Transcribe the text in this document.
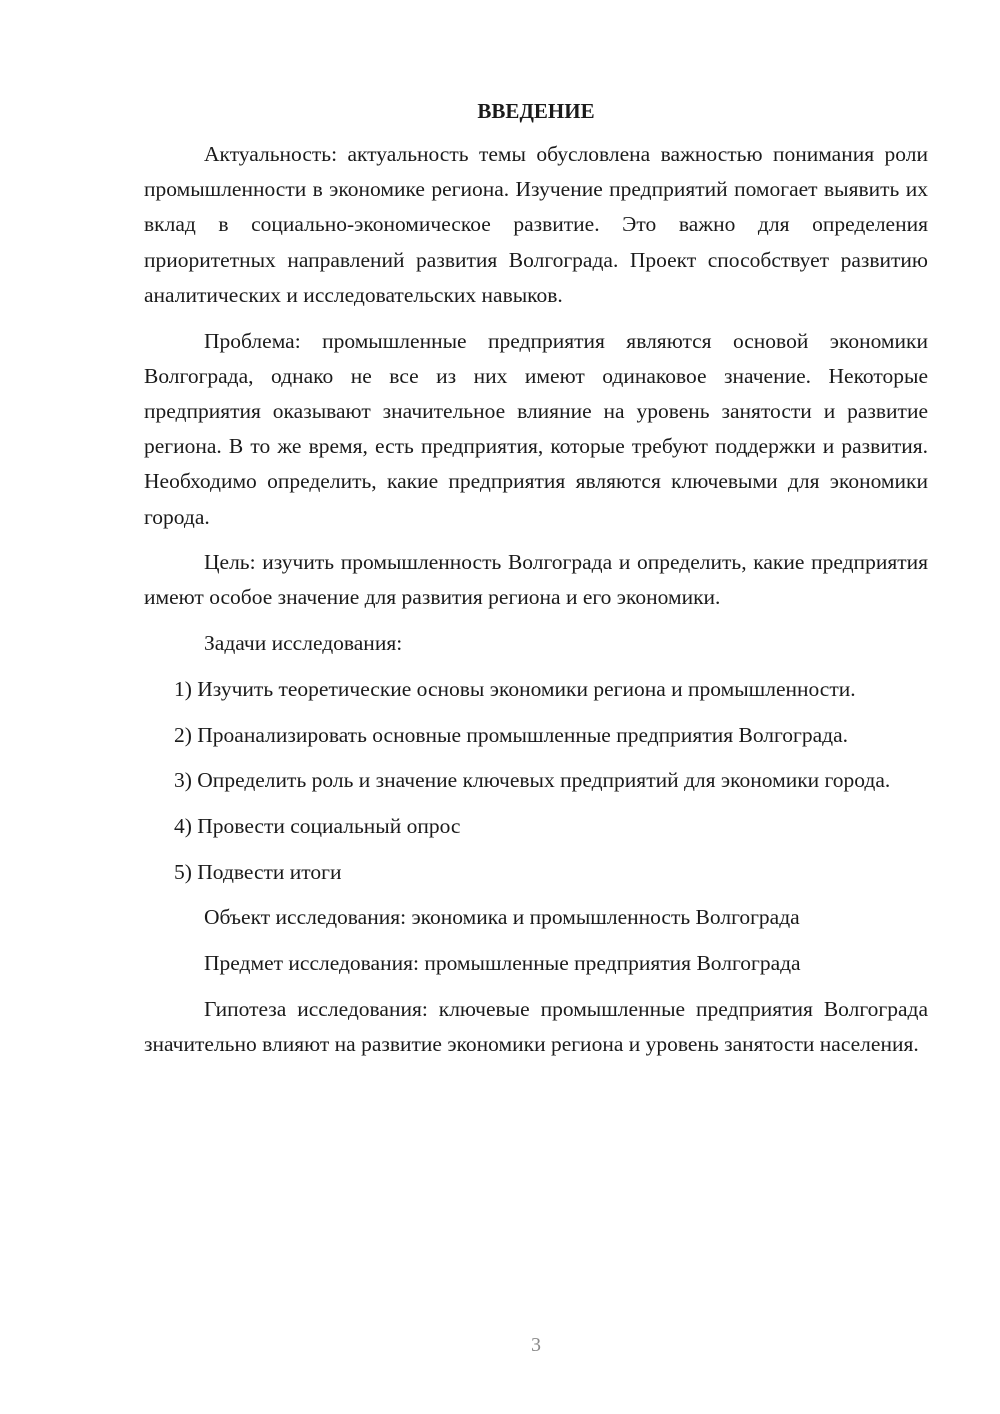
ВВЕДЕНИЕ

Актуальность: актуальность темы обусловлена важностью понимания роли промышленности в экономике региона. Изучение предприятий помогает выявить их вклад в социально-экономическое развитие. Это важно для определения приоритетных направлений развития Волгограда. Проект способствует развитию аналитических и исследовательских навыков.

Проблема: промышленные предприятия являются основой экономики Волгограда, однако не все из них имеют одинаковое значение. Некоторые предприятия оказывают значительное влияние на уровень занятости и развитие региона. В то же время, есть предприятия, которые требуют поддержки и развития. Необходимо определить, какие предприятия являются ключевыми для экономики города.

Цель: изучить промышленность Волгограда и определить, какие предприятия имеют особое значение для развития региона и его экономики.

Задачи исследования:

1) Изучить теоретические основы экономики региона и промышленности.

2) Проанализировать основные промышленные предприятия Волгограда.

3) Определить роль и значение ключевых предприятий для экономики города.

4) Провести социальный опрос

5) Подвести итоги

Объект исследования: экономика и промышленность Волгограда

Предмет исследования: промышленные предприятия Волгограда

Гипотеза исследования: ключевые промышленные предприятия Волгограда значительно влияют на развитие экономики региона и уровень занятости населения.

3
